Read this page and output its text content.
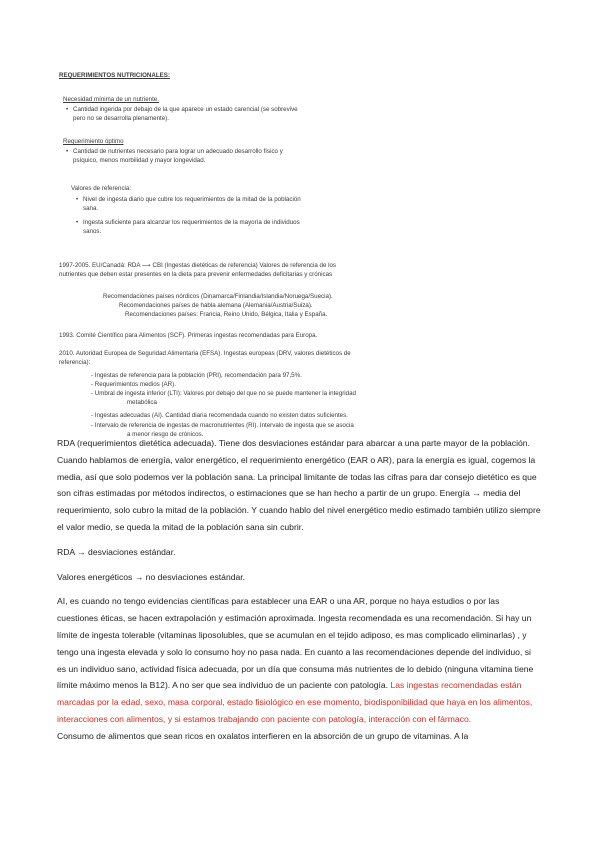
REQUERIMIENTOS NUTRICIONALES:
Necesidad mínima de un nutriente.
• Cantidad ingerida por debajo de la que aparece un estado carencial (se sobrevive
pero no se desarrolla plenamente).
Requerimiento óptimo
• Cantidad de nutrientes necesario para lograr un adecuado desarrollo físico y
psíquico, menos morbilidad y mayor longevidad.
Valores de referencia:
• Nivel de ingesta diario que cubre los requerimientos de la mitad de la población
sana.
• Ingesta suficiente para alcanzar los requerimientos de la mayoría de individuos
sanos.
1997-2005. EU/Canadá: RDA ⟶ CBI (Ingestas dietéticas de referencia) Valores de referencia de los
nutrientes que deben estar presentes en la dieta para prevenir enfermedades deficitarias y crónicas
Recomendaciones países nórdicos (Dinamarca/Finlandia/Islandia/Noruega/Suecia).
Recomendaciones países de habla alemana (Alemania/Austria/Suiza).
Recomendaciones países: Francia, Reino Unido, Bélgica, Italia y España.
1993. Comité Científico para Alimentos (SCF). Primeras ingestas recomendadas para Europa.
2010. Autoridad Europea de Seguridad Alimentaria (EFSA). Ingestas europeas (DRV, valores dietéticos de
referencia):
- Ingestas de referencia para la población (PRI), recomendación para 97,5%.
- Requerimientos medios (AR).
- Umbral de ingesta inferior (LTI): Valores por debajo del que no se puede mantener la integridad
metabólica
- Ingestas adecuadas (AI). Cantidad diaria recomendada cuando no existen datos suficientes.
- Intervalo de referencia de ingestas de macronutrientes (RI). Intervalo de ingesta que se asocia
a menor riesgo de crónicos.

RDA (requerimientos dietética adecuada). Tiene dos desviaciones estándar para abarcar a una parte mayor de la población. Cuando hablamos de energía, valor energético, el requerimiento energético (EAR o AR), para la energía es igual, cogemos la media, así que solo podemos ver la población sana. La principal limitante de todas las cifras para dar consejo dietético es que son cifras estimadas por métodos indirectos, o estimaciones que se han hecho a partir de un grupo. Energía → media del requerimiento, solo cubro la mitad de la población. Y cuando hablo del nivel energético medio estimado también utilizo siempre el valor medio, se queda la mitad de la población sana sin cubrir.

RDA → desviaciones estándar.

Valores energéticos → no desviaciones estándar.

AI, es cuando no tengo evidencias científicas para establecer una EAR o una AR, porque no haya estudios o por las cuestiones éticas, se hacen extrapolación y estimación aproximada. Ingesta recomendada es una recomendación. Si hay un límite de ingesta tolerable (vitaminas liposolubles, que se acumulan en el tejido adiposo, es mas complicado eliminarlas) , y tengo una ingesta elevada y solo lo consumo hoy no pasa nada. En cuanto a las recomendaciones depende del individuo, si es un individuo sano, actividad física adecuada, por un día que consuma más nutrientes de lo debido (ninguna vitamina tiene límite máximo menos la B12). A no ser que sea individuo de un paciente con patología. Las ingestas recomendadas están marcadas por la edad, sexo, masa corporal, estado fisiológico en ese momento, biodisponibilidad que haya en los alimentos, interacciones con alimentos, y si estamos trabajando con paciente con patología, interacción con el fármaco.

Consumo de alimentos que sean ricos en oxalatos interfieren en la absorción de un grupo de vitaminas. A la
